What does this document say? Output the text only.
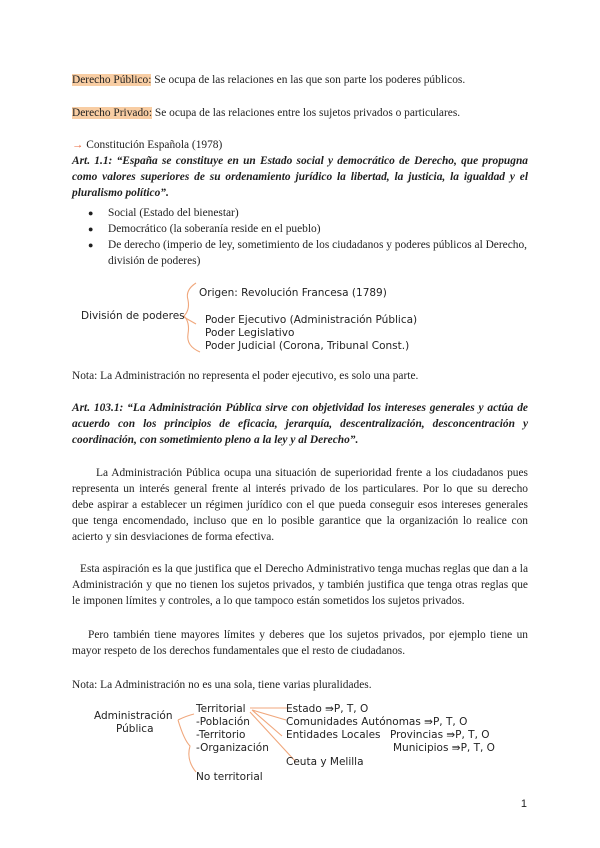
Derecho Público: Se ocupa de las relaciones en las que son parte los poderes públicos.
Derecho Privado: Se ocupa de las relaciones entre los sujetos privados o particulares.
→ Constitución Española (1978)
Art. 1.1: “España se constituye en un Estado social y democrático de Derecho, que propugna como valores superiores de su ordenamiento jurídico la libertad, la justicia, la igualdad y el pluralismo político”.
● Social (Estado del bienestar)
● Democrático (la soberanía reside en el pueblo)
● De derecho (imperio de ley, sometimiento de los ciudadanos y poderes públicos al Derecho, división de poderes)
Origen: Revolución Francesa (1789)
División de poderes Poder Ejecutivo (Administración Pública)
Poder Legislativo
Poder Judicial (Corona, Tribunal Const.)
Nota: La Administración no representa el poder ejecutivo, es solo una parte.
Art. 103.1: “La Administración Pública sirve con objetividad los intereses generales y actúa de acuerdo con los principios de eficacia, jerarquía, descentralización, desconcentración y coordinación, con sometimiento pleno a la ley y al Derecho”.
La Administración Pública ocupa una situación de superioridad frente a los ciudadanos pues representa un interés general frente al interés privado de los particulares. Por lo que su derecho debe aspirar a establecer un régimen jurídico con el que pueda conseguir esos intereses generales que tenga encomendado, incluso que en lo posible garantice que la organización lo realice con acierto y sin desviaciones de forma efectiva.
Esta aspiración es la que justifica que el Derecho Administrativo tenga muchas reglas que dan a la Administración y que no tienen los sujetos privados, y también justifica que tenga otras reglas que le imponen límites y controles, a lo que tampoco están sometidos los sujetos privados.
Pero también tiene mayores límites y deberes que los sujetos privados, por ejemplo tiene un mayor respeto de los derechos fundamentales que el resto de ciudadanos.
Nota: La Administración no es una sola, tiene varias pluralidades.
Administración
Pública
Territorial
-Población
-Territorio
-Organización
No territorial
Estado ⇛P, T, O
Comunidades Autónomas ⇛P, T, O
Entidades Locales Provincias ⇛P, T, O
Municipios ⇛P, T, O
Ceuta y Melilla
1
